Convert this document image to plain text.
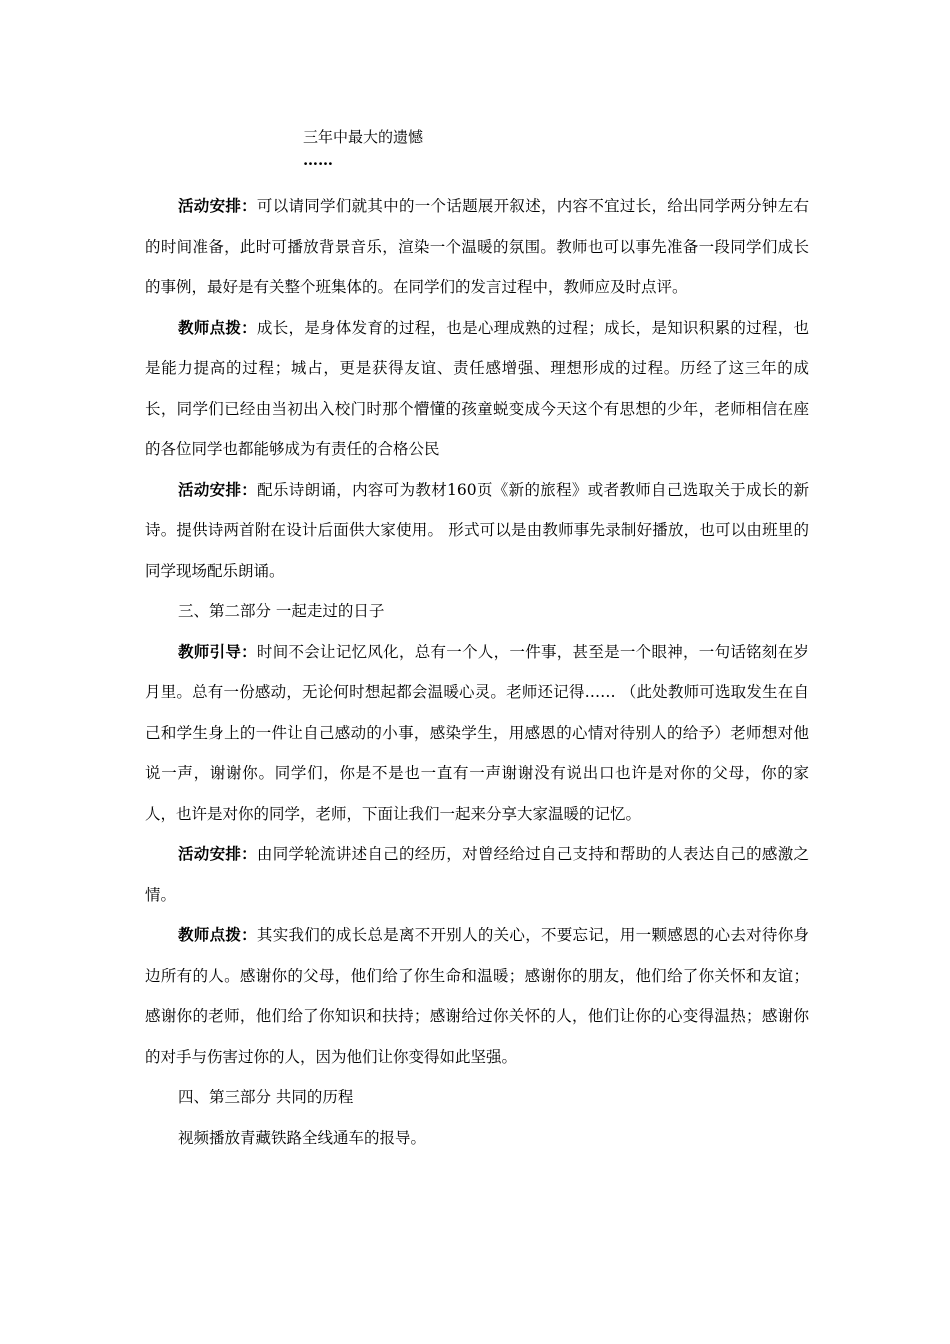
三年中最大的遗憾
……

活动安排：可以请同学们就其中的一个话题展开叙述，内容不宜过长，给出同学两分钟左右的时间准备，此时可播放背景音乐，渲染一个温暖的氛围。教师也可以事先准备一段同学们成长的事例，最好是有关整个班集体的。在同学们的发言过程中，教师应及时点评。

教师点拨：成长，是身体发育的过程，也是心理成熟的过程；成长，是知识积累的过程，也是能力提高的过程；城占，更是获得友谊、责任感增强、理想形成的过程。历经了这三年的成长，同学们已经由当初出入校门时那个懵懂的孩童蜕变成今天这个有思想的少年，老师相信在座的各位同学也都能够成为有责任的合格公民

活动安排：配乐诗朗诵，内容可为教材160页《新的旅程》或者教师自己选取关于成长的新诗。提供诗两首附在设计后面供大家使用。 形式可以是由教师事先录制好播放，也可以由班里的同学现场配乐朗诵。

三、第二部分 一起走过的日子

教师引导：时间不会让记忆风化，总有一个人，一件事，甚至是一个眼神，一句话铭刻在岁月里。总有一份感动，无论何时想起都会温暖心灵。老师还记得…… （此处教师可选取发生在自己和学生身上的一件让自己感动的小事，感染学生，用感恩的心情对待别人的给予）老师想对他说一声，谢谢你。同学们，你是不是也一直有一声谢谢没有说出口也许是对你的父母，你的家人，也许是对你的同学，老师，下面让我们一起来分享大家温暖的记忆。

活动安排：由同学轮流讲述自己的经历，对曾经给过自己支持和帮助的人表达自己的感激之情。

教师点拨：其实我们的成长总是离不开别人的关心，不要忘记，用一颗感恩的心去对待你身边所有的人。感谢你的父母，他们给了你生命和温暖；感谢你的朋友，他们给了你关怀和友谊；感谢你的老师，他们给了你知识和扶持；感谢给过你关怀的人，他们让你的心变得温热；感谢你的对手与伤害过你的人，因为他们让你变得如此坚强。

四、第三部分 共同的历程

视频播放青藏铁路全线通车的报导。
